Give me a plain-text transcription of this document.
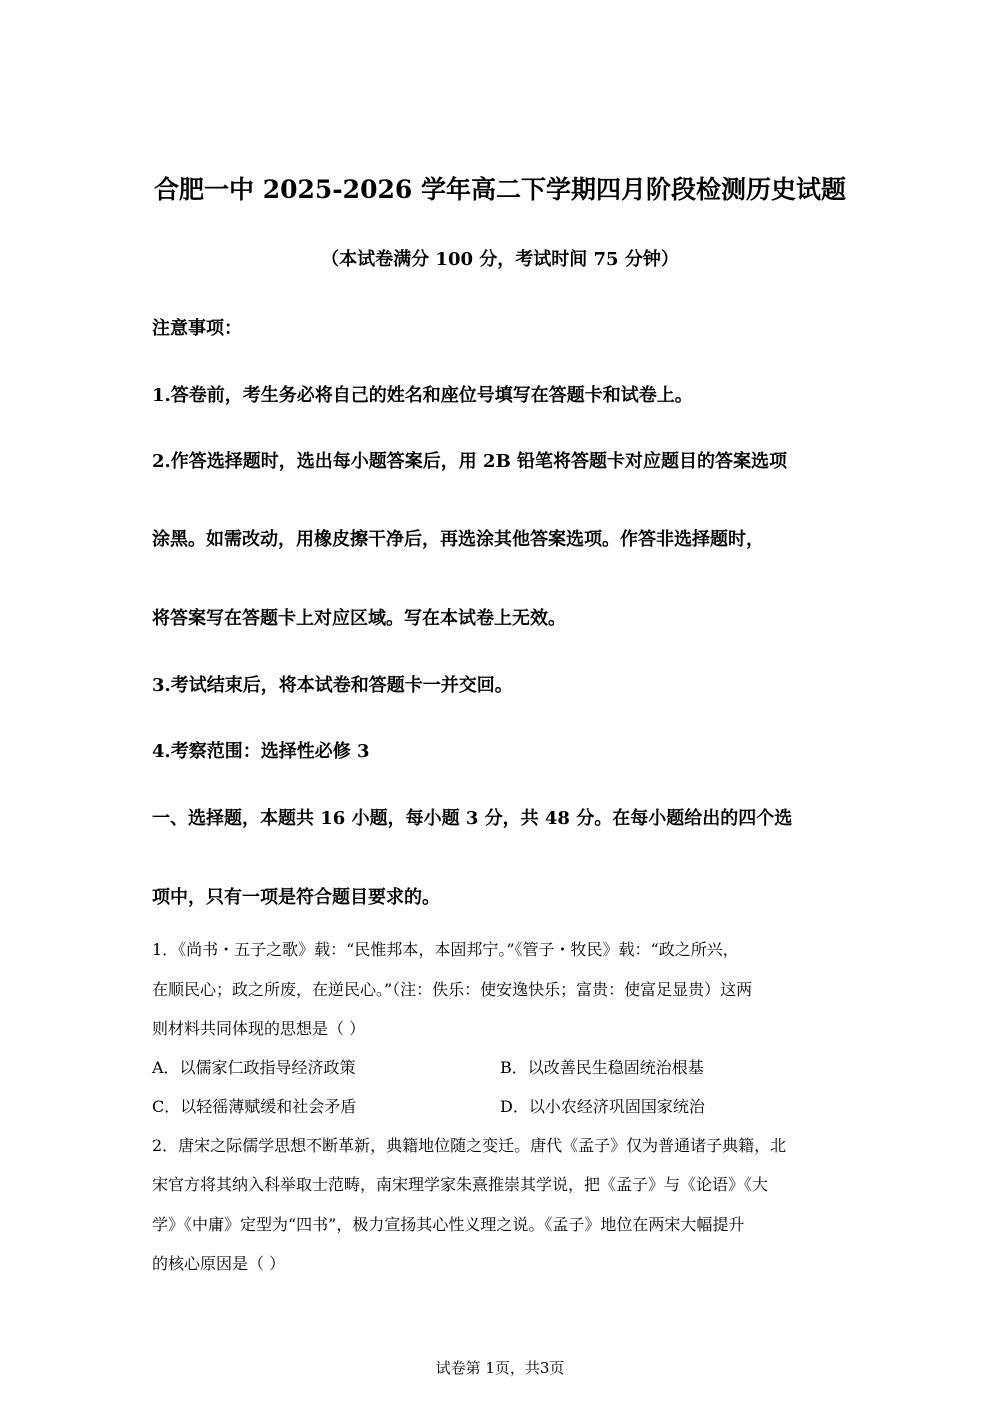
合肥一中 2025-2026 学年高二下学期四月阶段检测历史试题
（本试卷满分 100 分，考试时间 75 分钟）
注意事项：
1.答卷前，考生务必将自己的姓名和座位号填写在答题卡和试卷上。
2.作答选择题时，选出每小题答案后，用 2B 铅笔将答题卡对应题目的答案选项
涂黑。如需改动，用橡皮擦干净后，再选涂其他答案选项。作答非选择题时，
将答案写在答题卡上对应区域。写在本试卷上无效。
3.考试结束后，将本试卷和答题卡一并交回。
4.考察范围：选择性必修 3
一、选择题，本题共 16 小题，每小题 3 分，共 48 分。在每小题给出的四个选
项中，只有一项是符合题目要求的。
1．《尚书・五子之歌》载：“民惟邦本，本固邦宁。”《管子・牧民》载：“政之所兴，
在顺民心；政之所废，在逆民心。”（注：佚乐：使安逸快乐；富贵：使富足显贵）这两
则材料共同体现的思想是（ ）
A．以儒家仁政指导经济政策	B．以改善民生稳固统治根基
C．以轻徭薄赋缓和社会矛盾	D．以小农经济巩固国家统治
2．唐宋之际儒学思想不断革新，典籍地位随之变迁。唐代《孟子》仅为普通诸子典籍，北
宋官方将其纳入科举取士范畴，南宋理学家朱熹推崇其学说，把《孟子》与《论语》《大
学》《中庸》定型为“四书”，极力宣扬其心性义理之说。《孟子》地位在两宋大幅提升
的核心原因是（ ）
试卷第 1页，共3页
